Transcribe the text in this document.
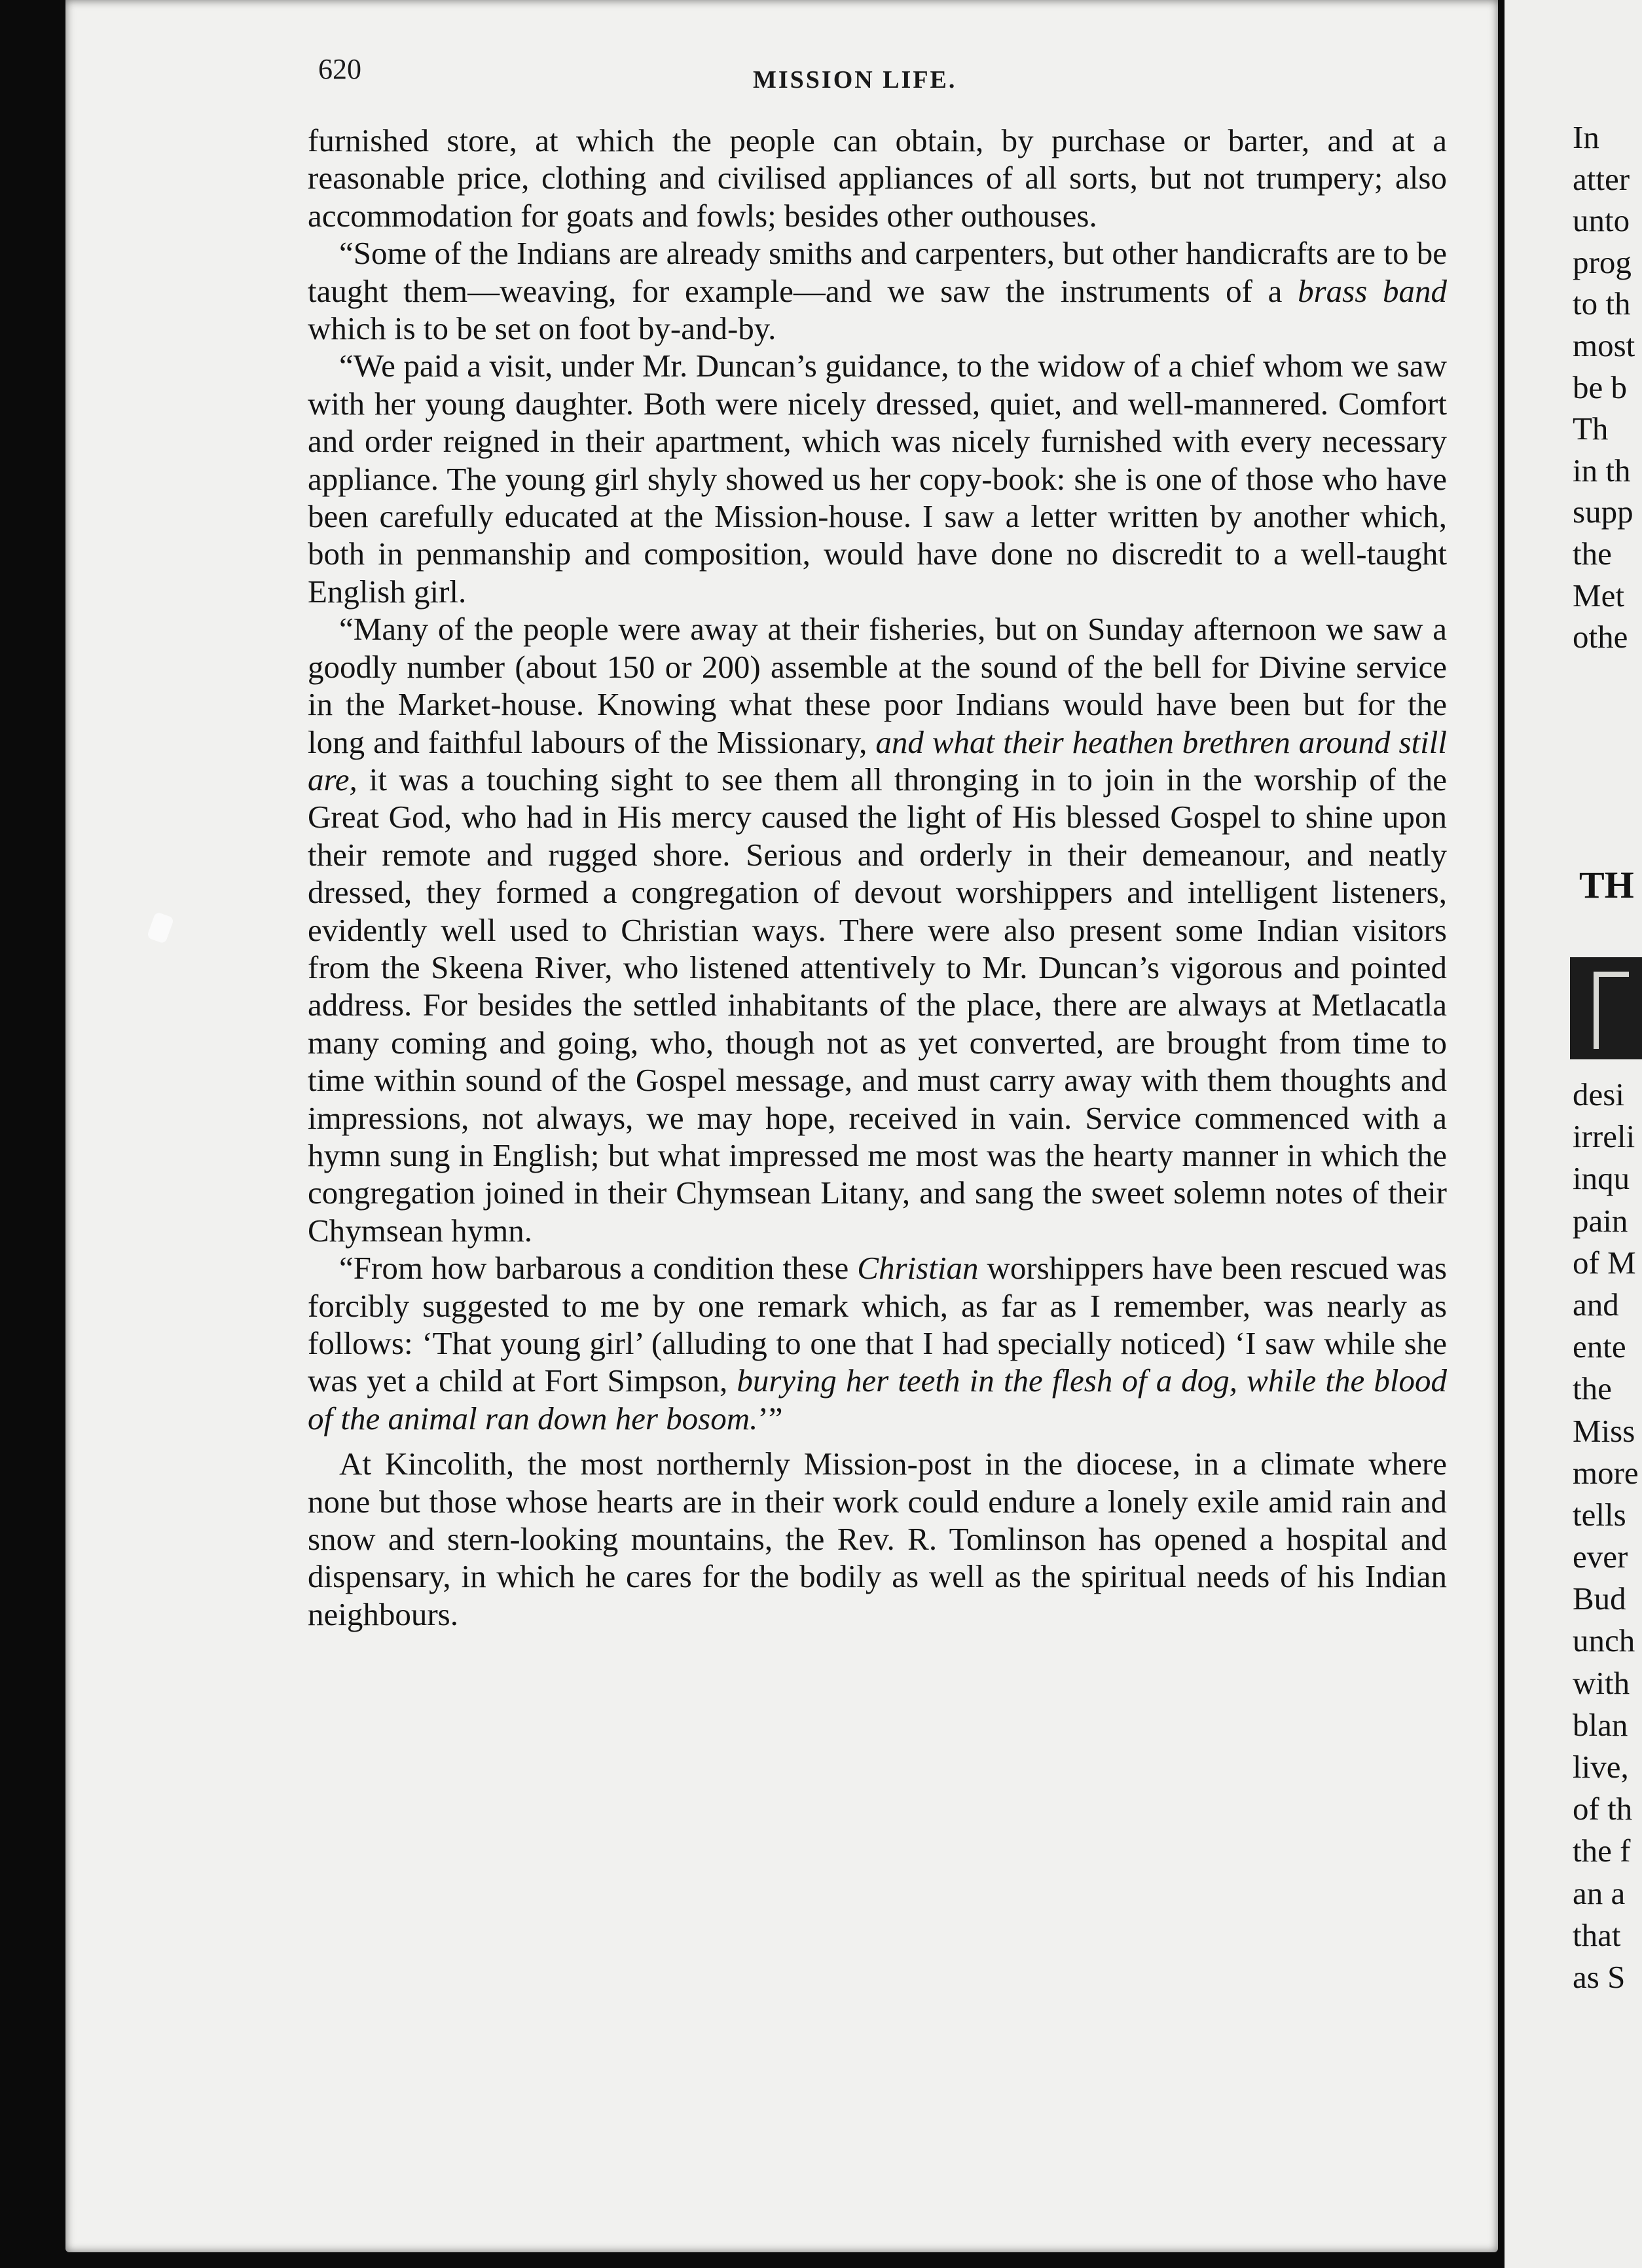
620	MISSION LIFE.

furnished store, at which the people can obtain, by purchase or barter, and at a reasonable price, clothing and civilised appliances of all sorts, but not trumpery; also accommodation for goats and fowls; besides other outhouses.

“Some of the Indians are already smiths and carpenters, but other handicrafts are to be taught them—weaving, for example—and we saw the instruments of a brass band which is to be set on foot by-and-by.

“We paid a visit, under Mr. Duncan’s guidance, to the widow of a chief whom we saw with her young daughter. Both were nicely dressed, quiet, and well-mannered. Comfort and order reigned in their apartment, which was nicely furnished with every necessary appliance. The young girl shyly showed us her copy-book: she is one of those who have been carefully educated at the Mission-house. I saw a letter written by another which, both in penmanship and composition, would have done no discredit to a well-taught English girl.

“Many of the people were away at their fisheries, but on Sunday afternoon we saw a goodly number (about 150 or 200) assemble at the sound of the bell for Divine service in the Market-house. Knowing what these poor Indians would have been but for the long and faithful labours of the Missionary, and what their heathen brethren around still are, it was a touching sight to see them all thronging in to join in the worship of the Great God, who had in His mercy caused the light of His blessed Gospel to shine upon their remote and rugged shore. Serious and orderly in their demeanour, and neatly dressed, they formed a congregation of devout worshippers and intelligent listeners, evidently well used to Christian ways. There were also present some Indian visitors from the Skeena River, who listened attentively to Mr. Duncan’s vigorous and pointed address. For besides the settled inhabitants of the place, there are always at Metlacatla many coming and going, who, though not as yet converted, are brought from time to time within sound of the Gospel message, and must carry away with them thoughts and impressions, not always, we may hope, received in vain. Service commenced with a hymn sung in English; but what impressed me most was the hearty manner in which the congregation joined in their Chymsean Litany, and sang the sweet solemn notes of their Chymsean hymn.

“From how barbarous a condition these Christian worshippers have been rescued was forcibly suggested to me by one remark which, as far as I remember, was nearly as follows: ‘That young girl’ (alluding to one that I had specially noticed) ‘I saw while she was yet a child at Fort Simpson, burying her teeth in the flesh of a dog, while the blood of the animal ran down her bosom.’”

At Kincolith, the most northernly Mission-post in the diocese, in a climate where none but those whose hearts are in their work could endure a lonely exile amid rain and snow and stern-looking mountains, the Rev. R. Tomlinson has opened a hospital and dispensary, in which he cares for the bodily as well as the spiritual needs of his Indian neighbours.

In
atter
unto
prog
to th
most
be b
Th
in th
supp
the
Met
othe
TH
desi
irreli
inqu
pain
of M
and
ente
the
Miss
more
tells
ever
Bud
unch
with
blan
live,
of th
the f
an a
that
as S
